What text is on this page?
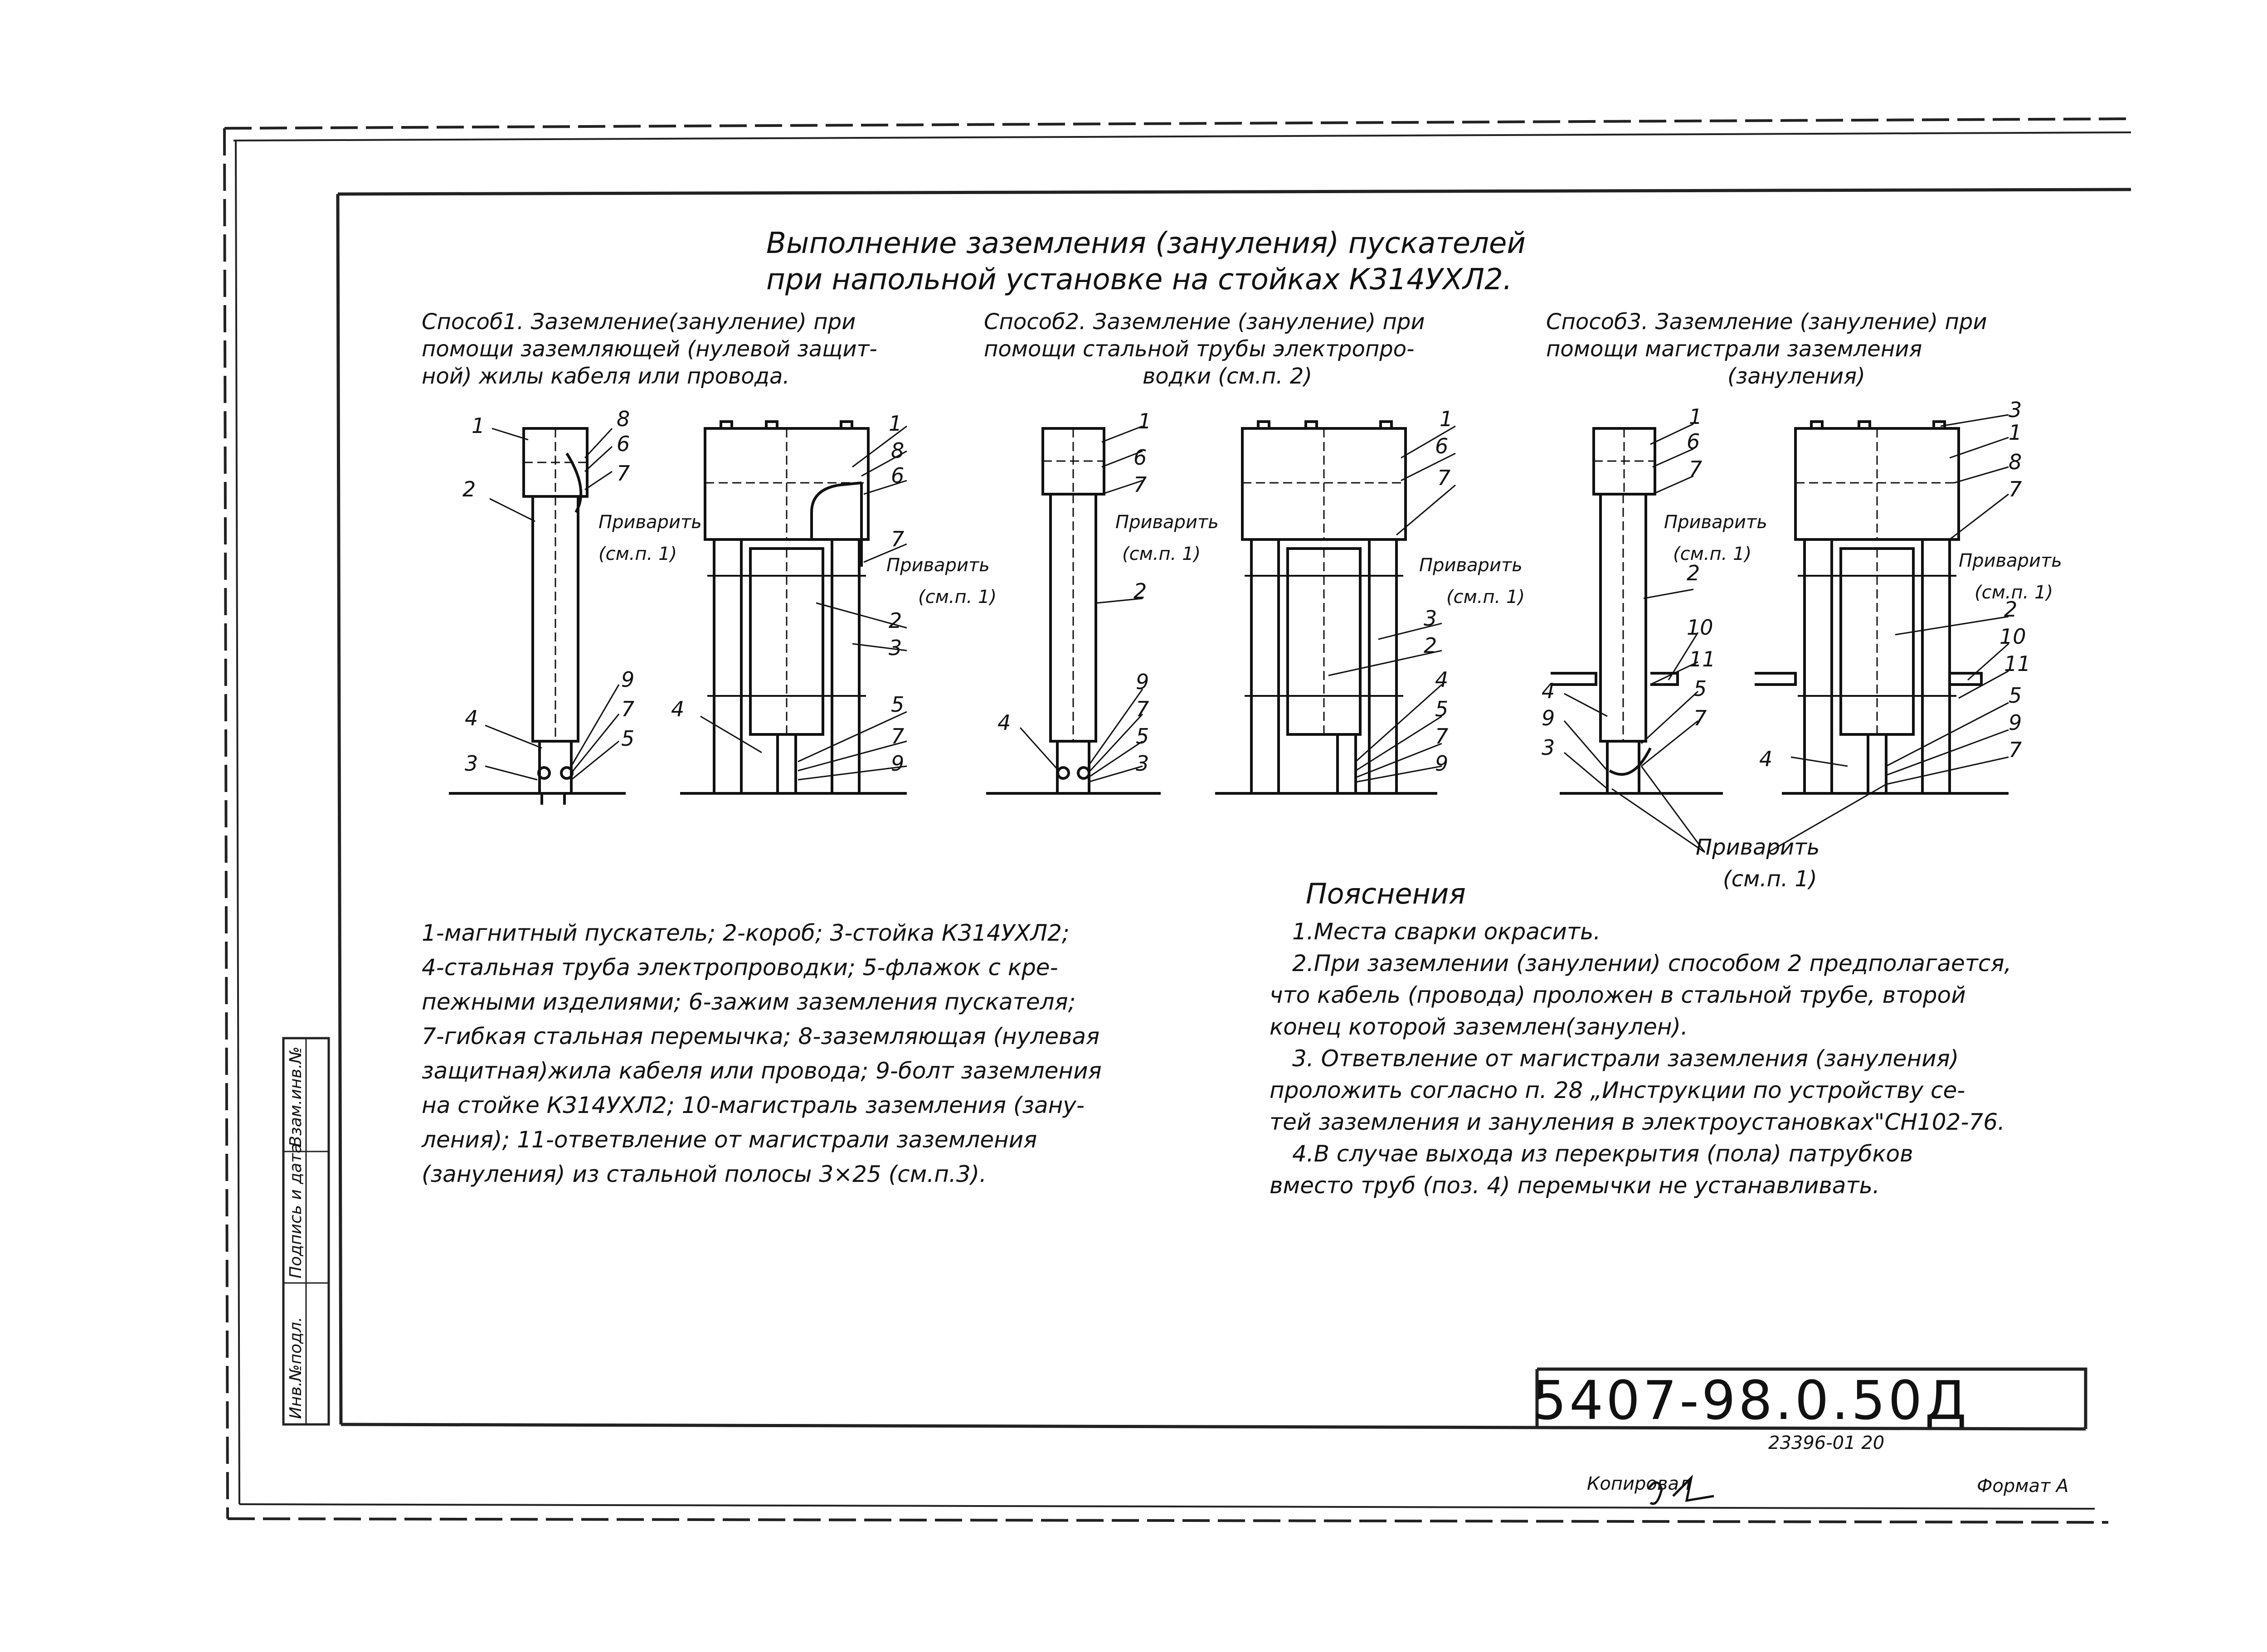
1
2
8
6
7
4
3
9
7
5
Приварить
(см.п. 1)
1
8
6
7
2
3
4	5
7
9
Приварить
(см.п. 1)
1
6
7
2
4
9
7
5
3
Приварить
(см.п. 1)
1
6
7
2
3
4
5
7
9
Приварить
(см.п. 1)
1
6
7
2
10
11
5
7
4
9
3
Приварить
(см.п. 1)
3
1
8
7
2
10
11
5
9
7
4
Приварить
(см.п. 1)
Приварить
(см.п. 1)
Выполнение заземления (зануления) пускателей
при напольной установке на стойках К314УХЛ2.
Способ1. Заземление(зануление) при
помощи заземляющей (нулевой защит-
ной) жилы кабеля или провода.
Способ2. Заземление (зануление) при
помощи стальной трубы электропро-
водки (см.п. 2)
Способ3. Заземление (зануление) при
помощи магистрали заземления
(зануления)
1-магнитный пускатель; 2-короб; 3-стойка К314УХЛ2;
4-стальная труба электропроводки; 5-флажок с кре-
пежными изделиями; 6-зажим заземления пускателя;
7-гибкая стальная перемычка; 8-заземляющая (нулевая
защитная)жила кабеля или провода; 9-болт заземления
на стойке К314УХЛ2; 10-магистраль заземления (зану-
ления); 11-ответвление от магистрали заземления
(зануления) из стальной полосы 3×25 (см.п.3).
Пояснения
1.Места сварки окрасить.
2.При заземлении (занулении) способом 2 предполагается,
что кабель (провода) проложен в стальной трубе, второй
конец которой заземлен(занулен).
3. Ответвление от магистрали заземления (зануления)
проложить согласно п. 28 „Инструкции по устройству се-
тей заземления и зануления в электроустановках"СН102-76.
4.В случае выхода из перекрытия (пола) патрубков
вместо труб (поз. 4) перемычки не устанавливать.
5407-98.0.50Д
23396-01 20
Копировал	Формат А
Инв.№подл.
Подпись и дата
Взам.инв.№
